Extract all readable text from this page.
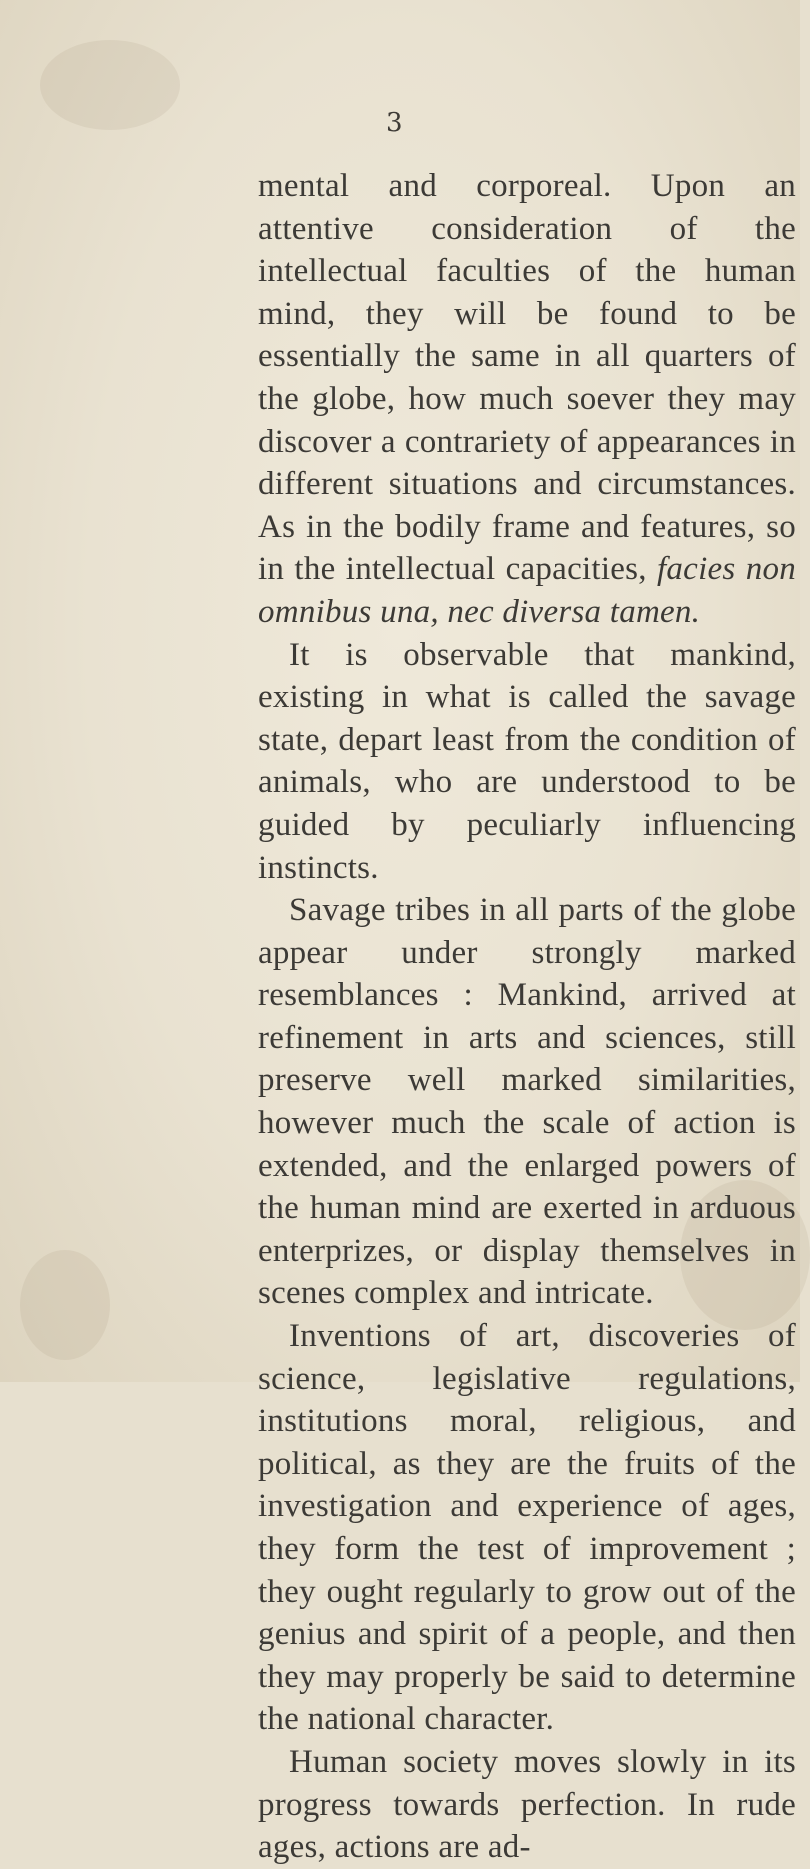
3

mental and corporeal. Upon an attentive consideration of the intellectual faculties of the human mind, they will be found to be essentially the same in all quarters of the globe, how much soever they may discover a contrariety of appearances in different situations and circumstances. As in the bodily frame and features, so in the intellectual capacities, facies non omnibus una, nec diversa tamen.

It is observable that mankind, existing in what is called the savage state, depart least from the condition of animals, who are understood to be guided by peculiarly influencing instincts.

Savage tribes in all parts of the globe appear under strongly marked resemblances : Mankind, arrived at refinement in arts and sciences, still preserve well marked similarities, however much the scale of action is extended, and the enlarged powers of the human mind are exerted in arduous enterprizes, or display themselves in scenes complex and intricate.

Inventions of art, discoveries of science, legislative regulations, institutions moral, religious, and political, as they are the fruits of the investigation and experience of ages, they form the test of improvement ; they ought regularly to grow out of the genius and spirit of a people, and then they may properly be said to determine the national character.

Human society moves slowly in its progress towards perfection. In rude ages, actions are ad-
